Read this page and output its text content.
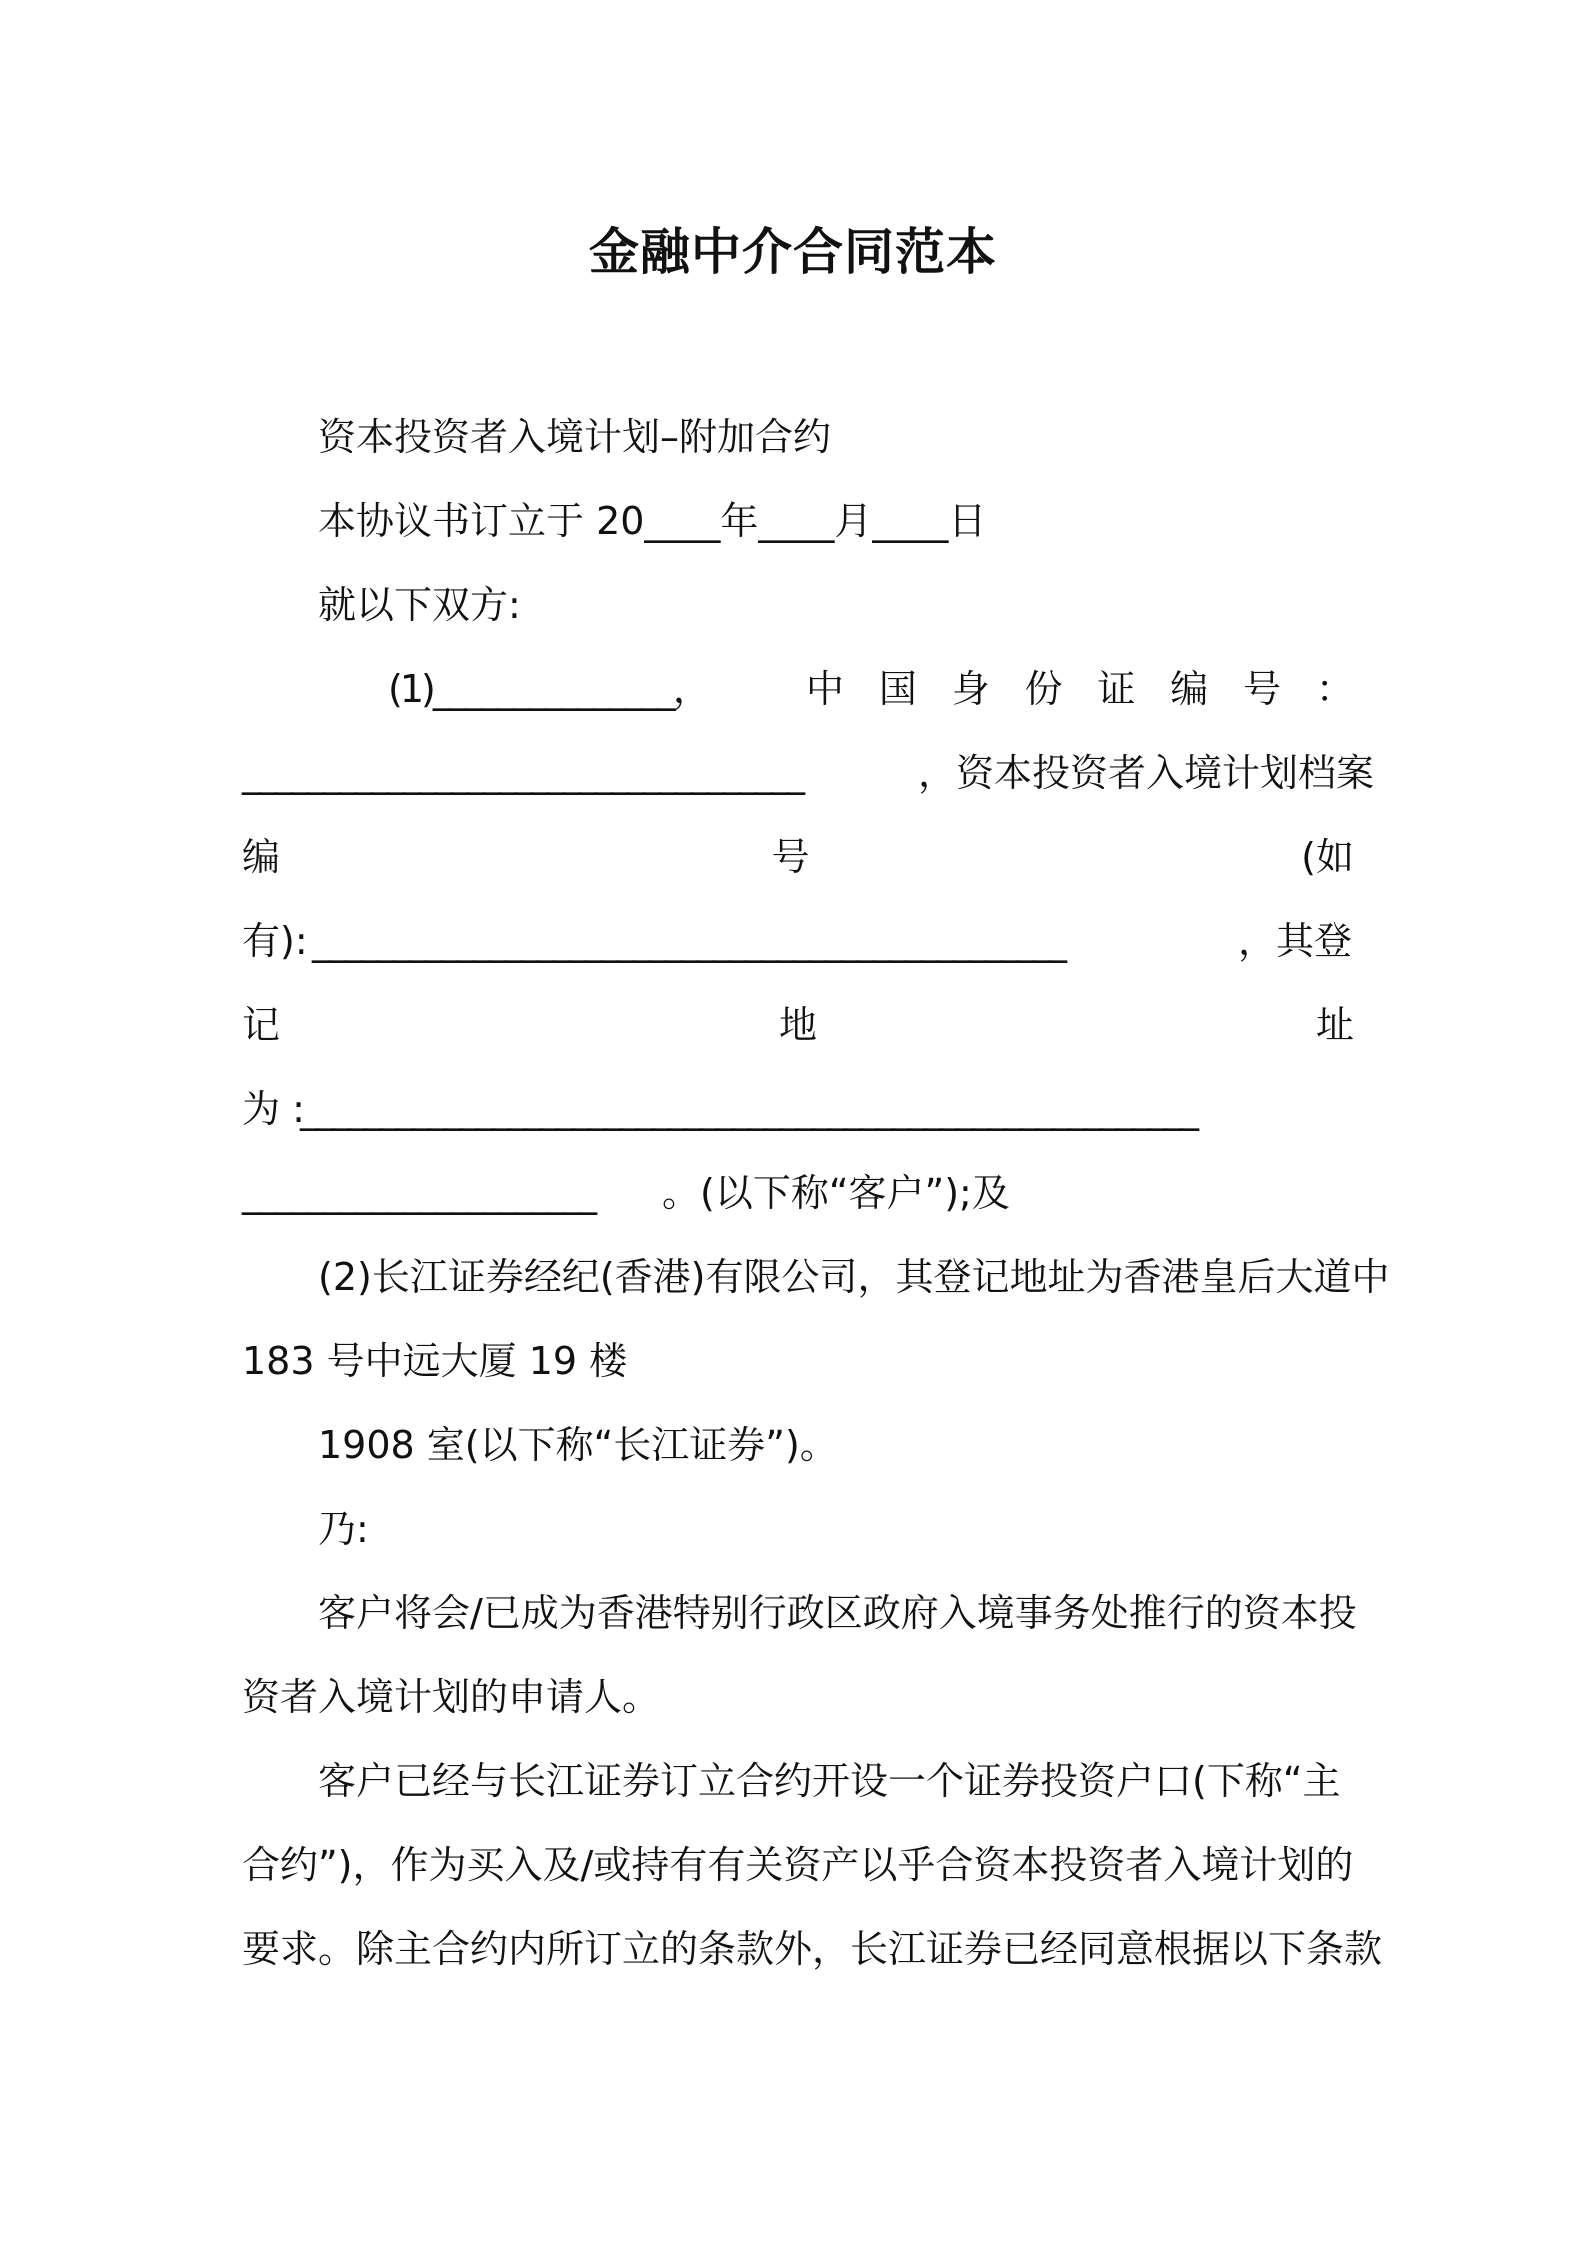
金融中介合同范本
资本投资者入境计划–附加合约
本协议书订立于 20____年____月____日
就以下双方:
(1)_______________，	中 国 身 份 证 编 号 ：
___________________________________	，资本投资者入境计划档案
编	号	(如
有): _______________________________________________	，其登
记	地	址
为 :
________________________________________________________
______________________ 。(以下称“客户”);及
(2)长江证券经纪(香港)有限公司，其登记地址为香港皇后大道中
183 号中远大厦 19 楼
1908 室(以下称“长江证券”)。
乃:
客户将会/已成为香港特别行政区政府入境事务处推行的资本投
资者入境计划的申请人。
客户已经与长江证券订立合约开设一个证券投资户口(下称“主
合约”)，作为买入及/或持有有关资产以乎合资本投资者入境计划的
要求。除主合约内所订立的条款外，长江证券已经同意根据以下条款
